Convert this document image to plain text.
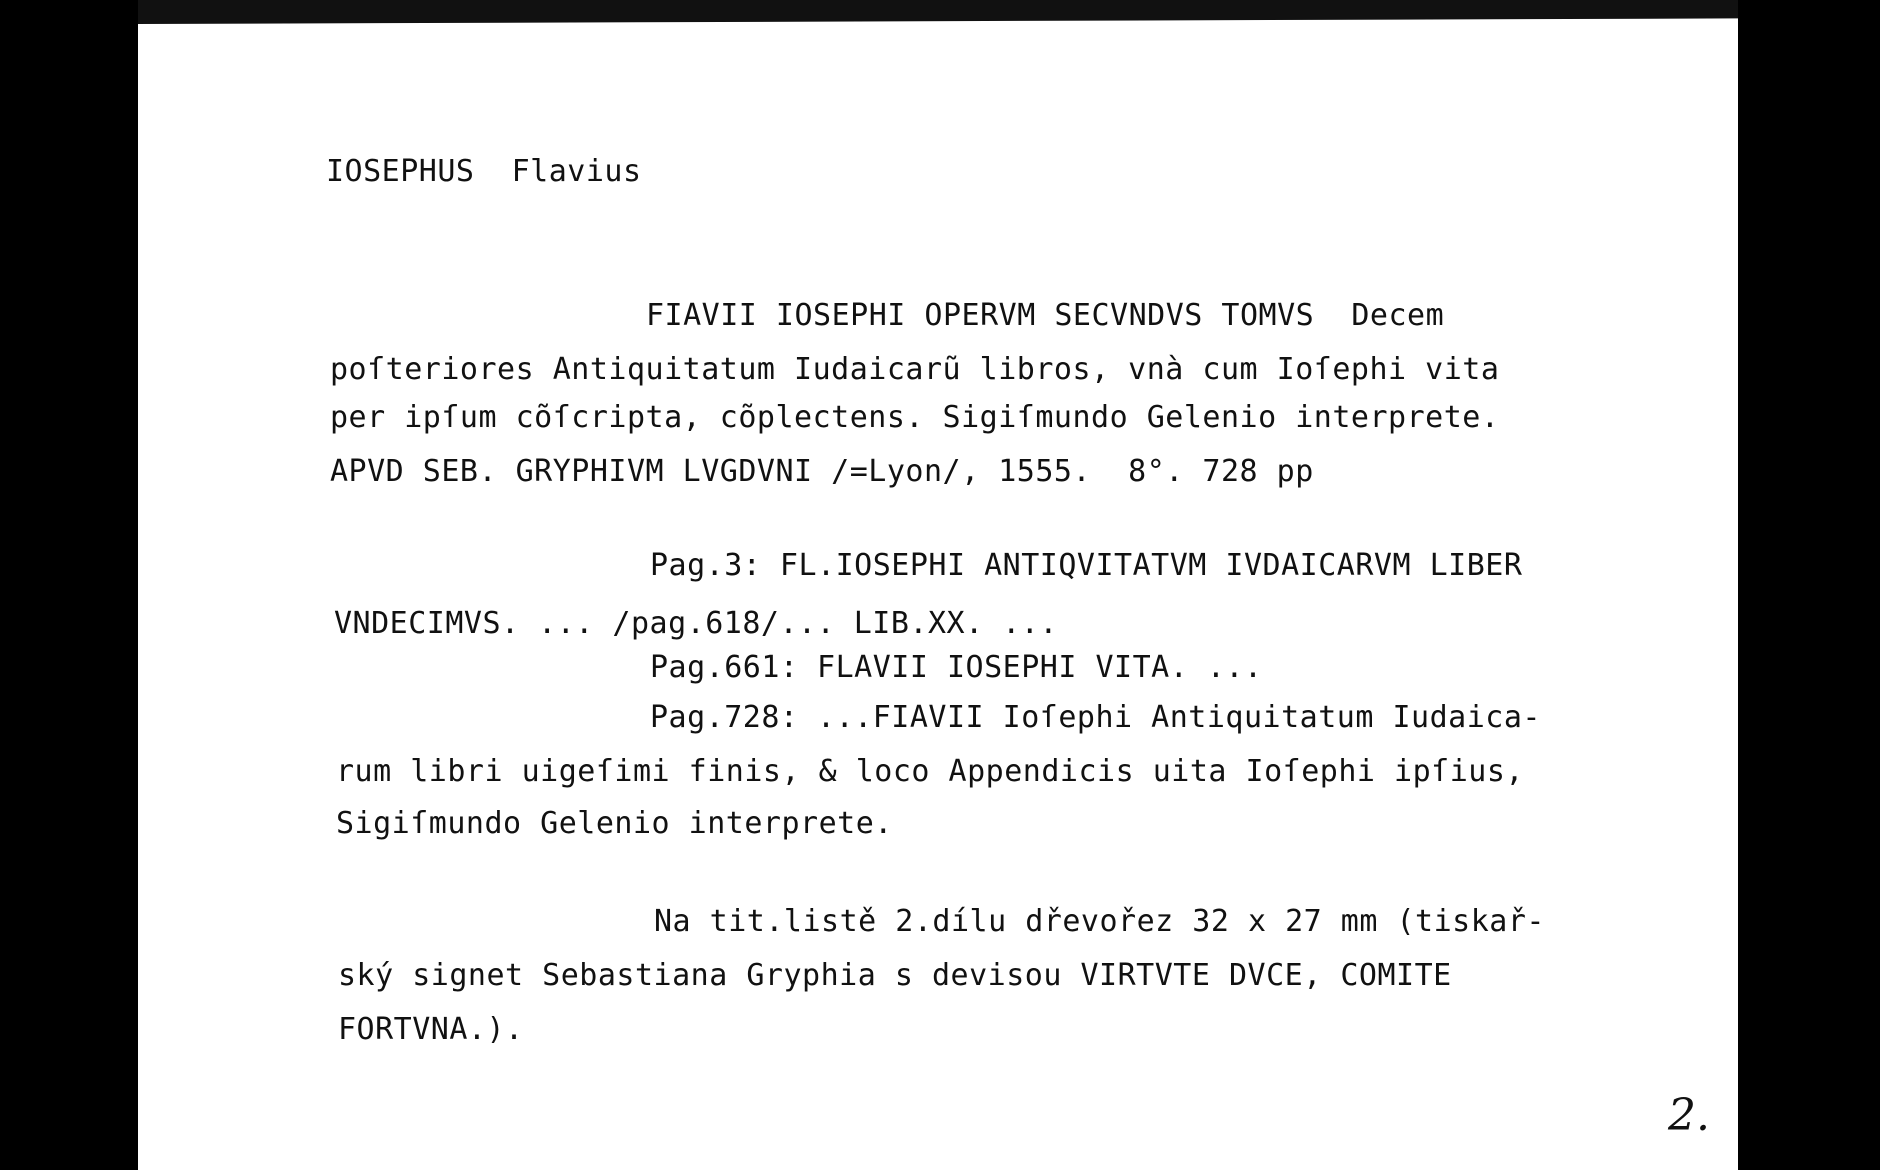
IOSEPHUS  Flavius
FIAVII IOSEPHI OPERVM SECVNDVS TOMVS  Decem
poſteriores Antiquitatum Iudaicarũ libros, vnà cum Ioſephi vita
per ipſum cõſcripta, cõplectens. Sigiſmundo Gelenio interprete.
APVD SEB. GRYPHIVM LVGDVNI /=Lyon/, 1555.  8°. 728 pp
Pag.3: FL.IOSEPHI ANTIQVITATVM IVDAICARVM LIBER
VNDECIMVS. ... /pag.618/... LIB.XX. ...
Pag.661: FLAVII IOSEPHI VITA. ...
Pag.728: ...FIAVII Ioſephi Antiquitatum Iudaica-
rum libri uigeſimi finis, & loco Appendicis uita Ioſephi ipſius,
Sigiſmundo Gelenio interprete.
Na tit.listě 2.dílu dřevořez 32 x 27 mm (tiskař-
ský signet Sebastiana Gryphia s devisou VIRTVTE DVCE, COMITE
FORTVNA.).
2.
